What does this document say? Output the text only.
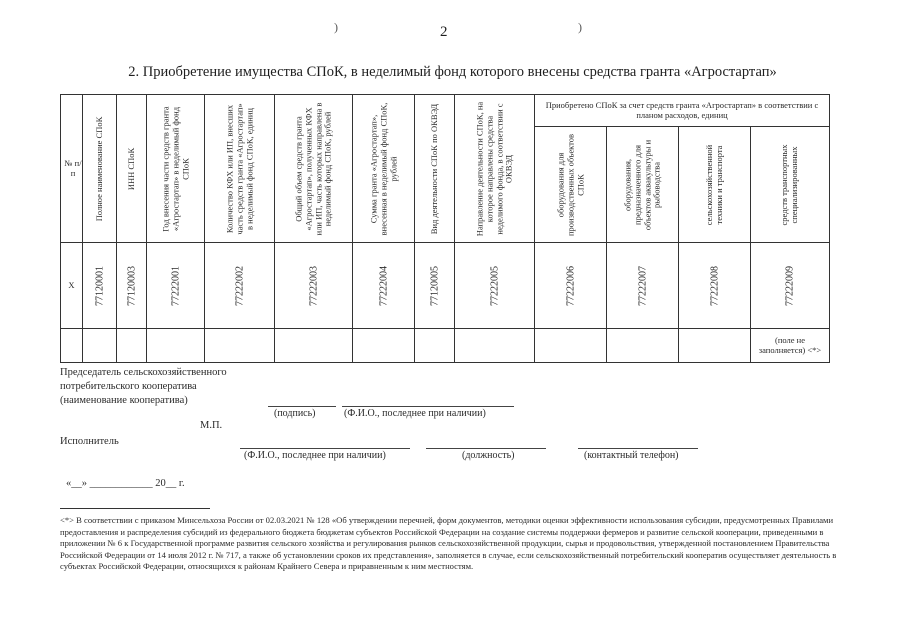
)	2	)
2. Приобретение имущества СПоК, в неделимый фонд которого внесены средства гранта «Агростартап»
№ п/п	Полное наименование СПоК	ИНН СПоК	Год внесения части средств гранта «Агростартап» в неделимый фонд СПоК	Количество КФХ или ИП, внесших часть средств гранта «Агростартап» в неделимый фонд СПоК, единиц	Общий объем средств гранта «Агростартап», полученных КФХ или ИП, часть которых направлена в неделимый фонд СПоК, рублей	Сумма гранта «Агростартап», внесенная в неделимый фонд СПоК, рублей	Вид деятельности СПоК по ОКВЭД	Направление деятельности СПоК, на которое направлены средства неделимого фонда, в соответствии с ОКВЭД	Приобретено СПоК за счет средств гранта «Агростартап» в соответствии с планом расходов, единиц			

									оборудования для производственных объектов СПоК	оборудования, предназначенного для объектов аквакультуры и рыбоводства	сельскохозяйственной техники и транспорта	средств транспортных специализированных

X	77120001	77120003	77222001	77222002	77222003	77222004	77120005	77222005	77222006	77222007	77222008	77222009

												(поле не заполняется) <*>
Председатель сельскохозяйственного
потребительского кооператива
(наименование кооператива)
(подпись)	(Ф.И.О., последнее при наличии)
М.П.
Исполнитель
(Ф.И.О., последнее при наличии)	(должность)	(контактный телефон)
«__» ____________ 20__ г.
<*> В соответствии с приказом Минсельхоза России от 02.03.2021 № 128 «Об утверждении перечней, форм документов, методики оценки эффективности использования субсидии, предусмотренных Правилами предоставления и распределения субсидий из федерального бюджета бюджетам субъектов Российской Федерации на создание системы поддержки фермеров и развитие сельской кооперации, приведенными в приложении № 6 к Государственной программе развития сельского хозяйства и регулирования рынков сельскохозяйственной продукции, сырья и продовольствия, утвержденной постановлением Правительства Российской Федерации от 14 июля 2012 г. № 717, а также об установлении сроков их представления», заполняется в случае, если сельскохозяйственный потребительский кооператив осуществляет деятельность в субъектах Российской Федерации, относящихся к районам Крайнего Севера и приравненным к ним местностям.
